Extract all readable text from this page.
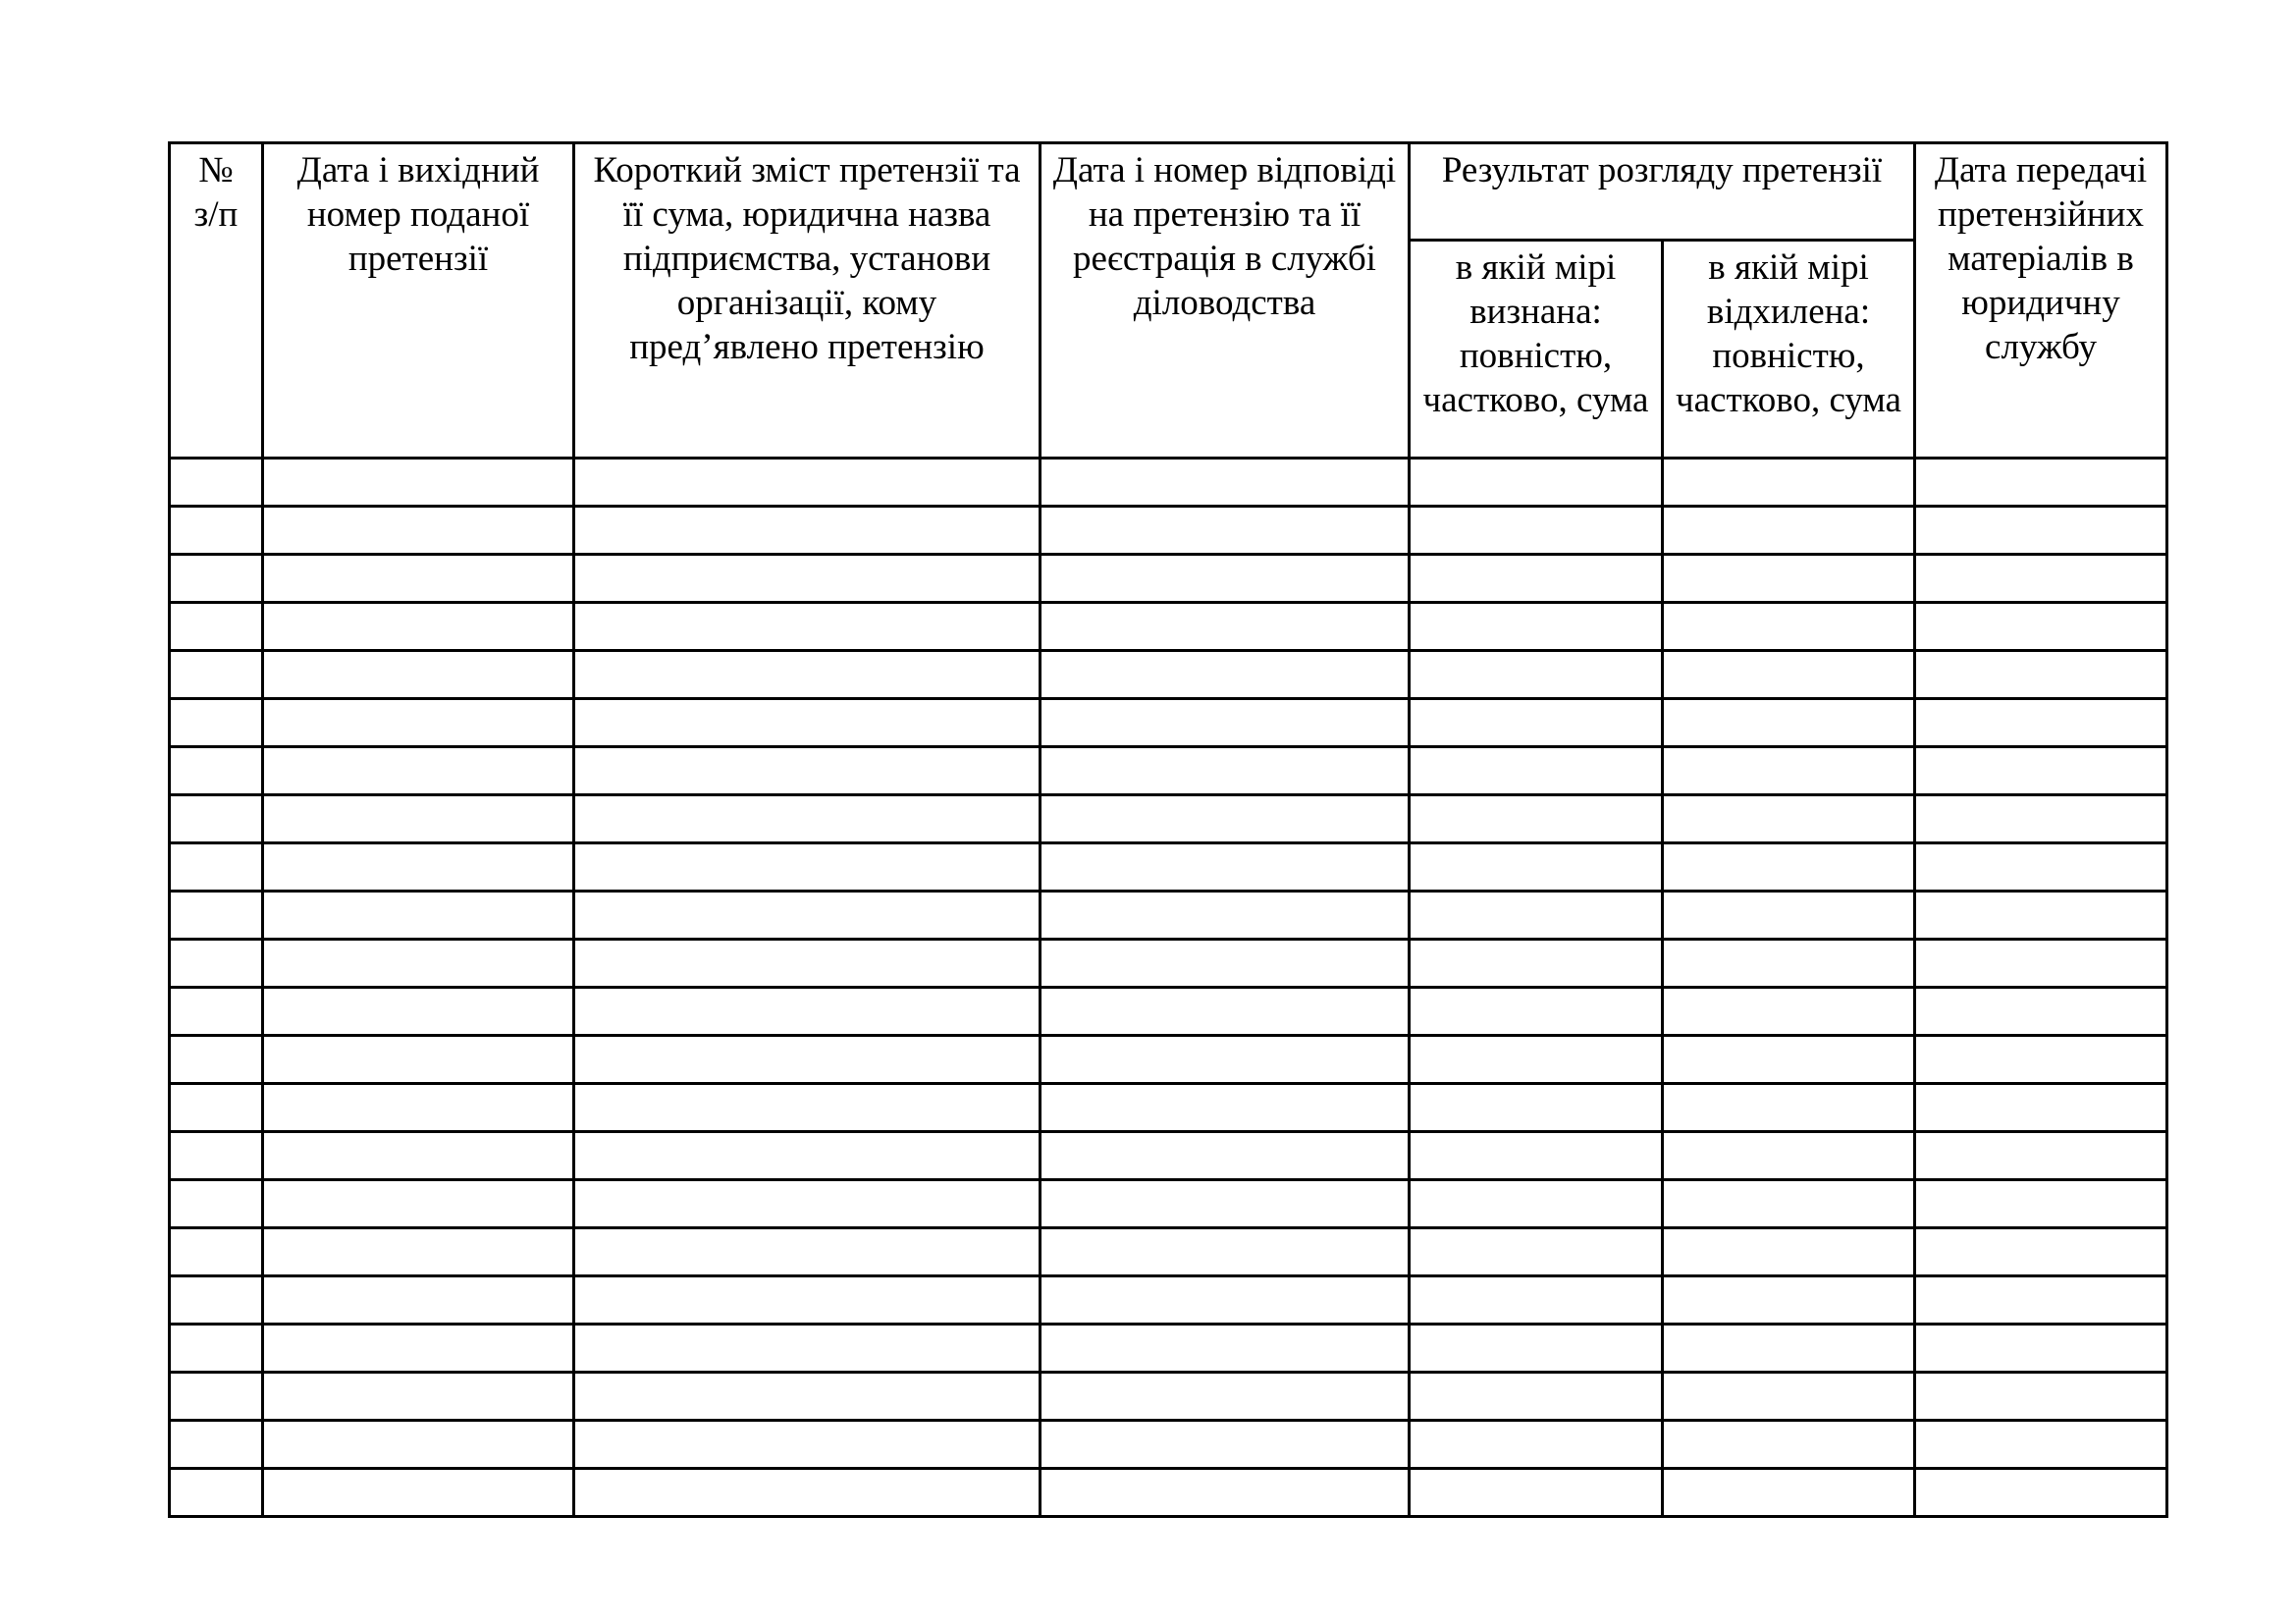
№
з/п	Дата і вихідний номер поданої претензії	Короткий зміст претензії та її сума, юридична назва підприємства, установи організації, кому пред’явлено претензію	Дата і номер відповіді на претензію та її реєстрація в службі діловодства	Результат розгляду претензії		Дата передачі претензійних матеріалів в юридичну службу
				в якій мірі визнана: повністю, частково, сума	в якій мірі відхилена: повністю, частково, сума	
